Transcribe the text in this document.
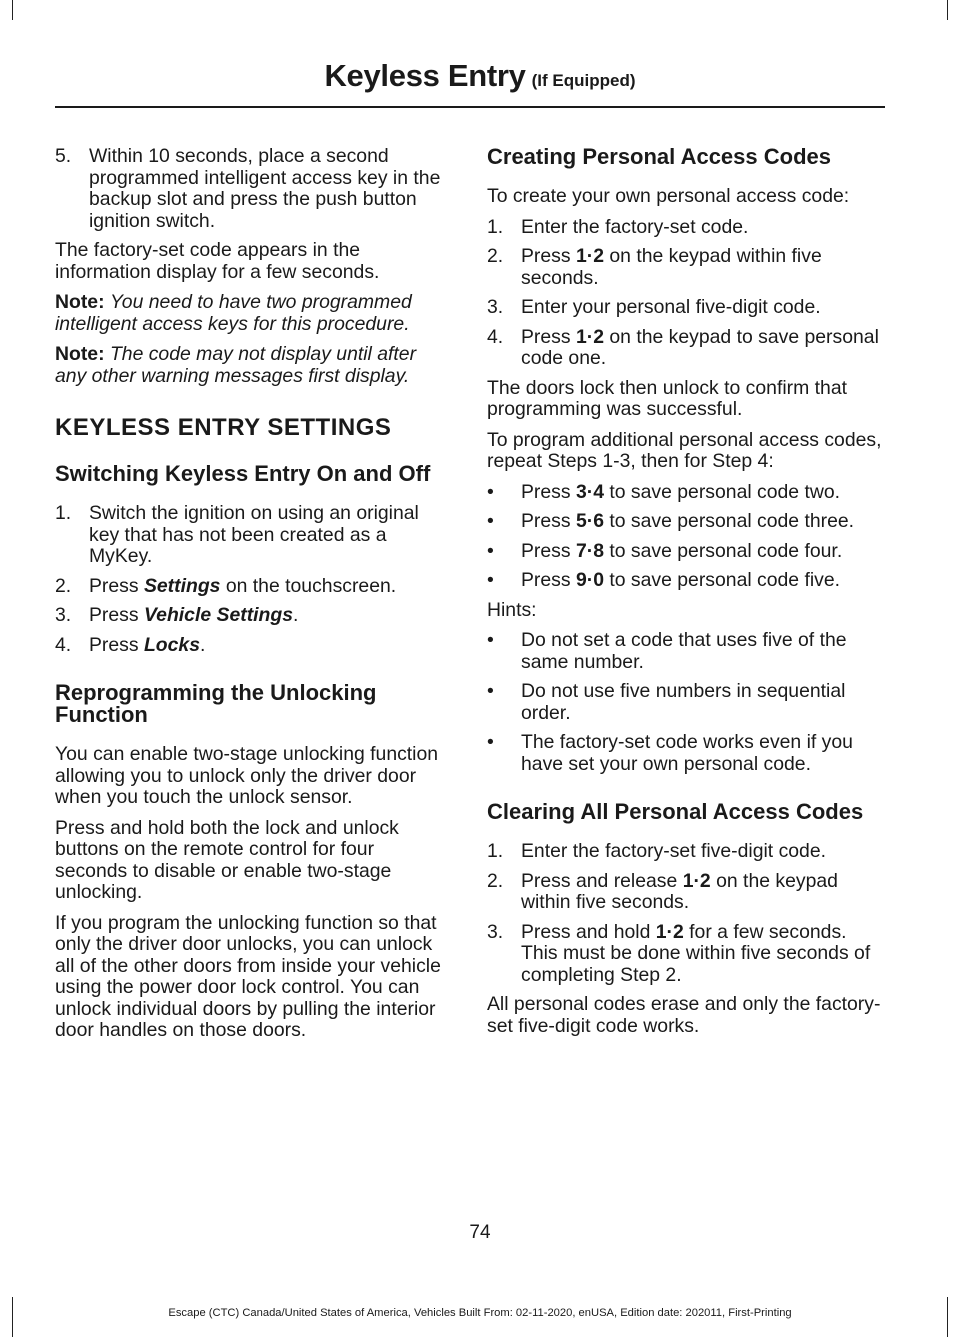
Keyless Entry (If Equipped)
5. Within 10 seconds, place a second programmed intelligent access key in the backup slot and press the push button ignition switch.

The factory-set code appears in the information display for a few seconds.

Note: You need to have two programmed intelligent access keys for this procedure.

Note: The code may not display until after any other warning messages first display.

KEYLESS ENTRY SETTINGS
Switching Keyless Entry On and Off
1. Switch the ignition on using an original key that has not been created as a MyKey.
2. Press Settings on the touchscreen.
3. Press Vehicle Settings.
4. Press Locks.
Reprogramming the Unlocking Function

You can enable two-stage unlocking function allowing you to unlock only the driver door when you touch the unlock sensor.

Press and hold both the lock and unlock buttons on the remote control for four seconds to disable or enable two-stage unlocking.

If you program the unlocking function so that only the driver door unlocks, you can unlock all of the other doors from inside your vehicle using the power door lock control. You can unlock individual doors by pulling the interior door handles on those doors.

Creating Personal Access Codes

To create your own personal access code:

1. Enter the factory-set code.
2. Press 1·2 on the keypad within five seconds.
3. Enter your personal five-digit code.
4. Press 1·2 on the keypad to save personal code one.

The doors lock then unlock to confirm that programming was successful.

To program additional personal access codes, repeat Steps 1-3, then for Step 4:

• Press 3·4 to save personal code two.
• Press 5·6 to save personal code three.
• Press 7·8 to save personal code four.
• Press 9·0 to save personal code five.

Hints:

• Do not set a code that uses five of the same number.
• Do not use five numbers in sequential order.
• The factory-set code works even if you have set your own personal code.
Clearing All Personal Access Codes
1. Enter the factory-set five-digit code.
2. Press and release 1·2 on the keypad within five seconds.
3. Press and hold 1·2 for a few seconds. This must be done within five seconds of completing Step 2.

All personal codes erase and only the factory-set five-digit code works.

74
Escape (CTC) Canada/United States of America, Vehicles Built From: 02-11-2020, enUSA, Edition date: 202011, First-Printing
